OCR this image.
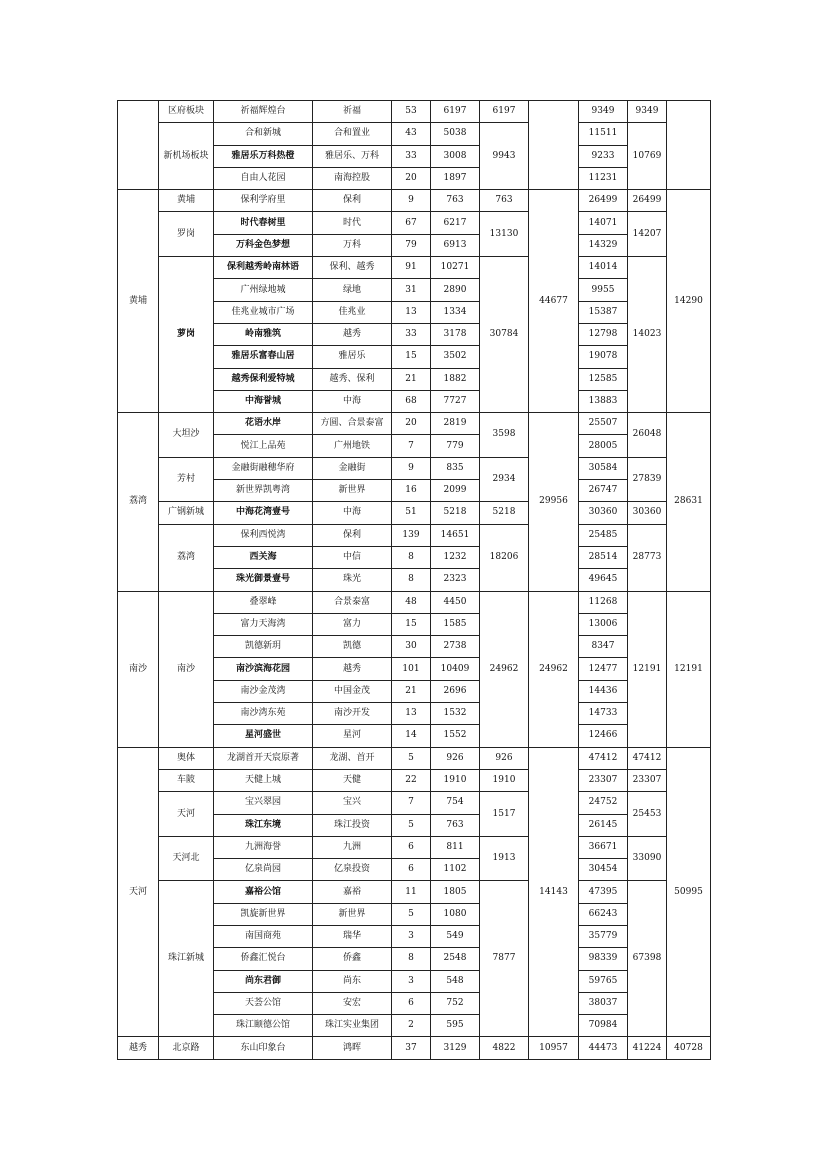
	区府板块	祈福辉煌台	祈福	53	6197	6197		9349	9349	
	新机场板块	合和新城	合和置业	43	5038	9943		11511	10769	
		雅居乐万科热橙	雅居乐、万科	33	3008			9233		
		自由人花园	南海控股	20	1897			11231		
黄埔	黄埔	保利学府里	保利	9	763	763	44677	26499	26499	14290
	罗岗	时代春树里	时代	67	6217	13130		14071	14207	
		万科金色梦想	万科	79	6913			14329		
	萝岗	保利越秀岭南林语	保利、越秀	91	10271	30784		14014	14023	
		广州绿地城	绿地	31	2890			9955		
		佳兆业城市广场	佳兆业	13	1334			15387		
		岭南雅筑	越秀	33	3178			12798		
		雅居乐富春山居	雅居乐	15	3502			19078		
		越秀保利爱特城	越秀、保利	21	1882			12585		
		中海誉城	中海	68	7727			13883		
荔湾	大坦沙	花语水岸	方圆、合景泰富	20	2819	3598	29956	25507	26048	28631
		悦江上品苑	广州地铁	7	779			28005		
	芳村	金融街融穗华府	金融街	9	835	2934		30584	27839	
		新世界凯粤湾	新世界	16	2099			26747		
	广钢新城	中海花湾壹号	中海	51	5218	5218		30360	30360	
	荔湾	保利西悦湾	保利	139	14651	18206		25485	28773	
		西关海	中信	8	1232			28514		
		珠光御景壹号	珠光	8	2323			49645		
南沙	南沙	叠翠峰	合景泰富	48	4450	24962	24962	11268	12191	12191
		富力天海湾	富力	15	1585			13006		
		凯德新玥	凯德	30	2738			8347		
		南沙滨海花园	越秀	101	10409			12477		
		南沙金茂湾	中国金茂	21	2696			14436		
		南沙湾东苑	南沙开发	13	1532			14733		
		星河盛世	星河	14	1552			12466		
天河	奥体	龙湖首开天宸原著	龙湖、首开	5	926	926	14143	47412	47412	50995
	车陂	天健上城	天健	22	1910	1910		23307	23307	
	天河	宝兴翠园	宝兴	7	754	1517		24752	25453	
		珠江东境	珠江投资	5	763			26145		
	天河北	九洲海誉	九洲	6	811	1913		36671	33090	
		亿泉尚园	亿泉投资	6	1102			30454		
	珠江新城	嘉裕公馆	嘉裕	11	1805	7877		47395	67398	
		凯旋新世界	新世界	5	1080			66243		
		南国商苑	瑞华	3	549			35779		
		侨鑫汇悦台	侨鑫	8	2548			98339		
		尚东君御	尚东	3	548			59765		
		天荟公馆	安宏	6	752			38037		
		珠江颐德公馆	珠江实业集团	2	595			70984		
越秀	北京路	东山印象台	鸿晖	37	3129	4822	10957	44473	41224	40728
